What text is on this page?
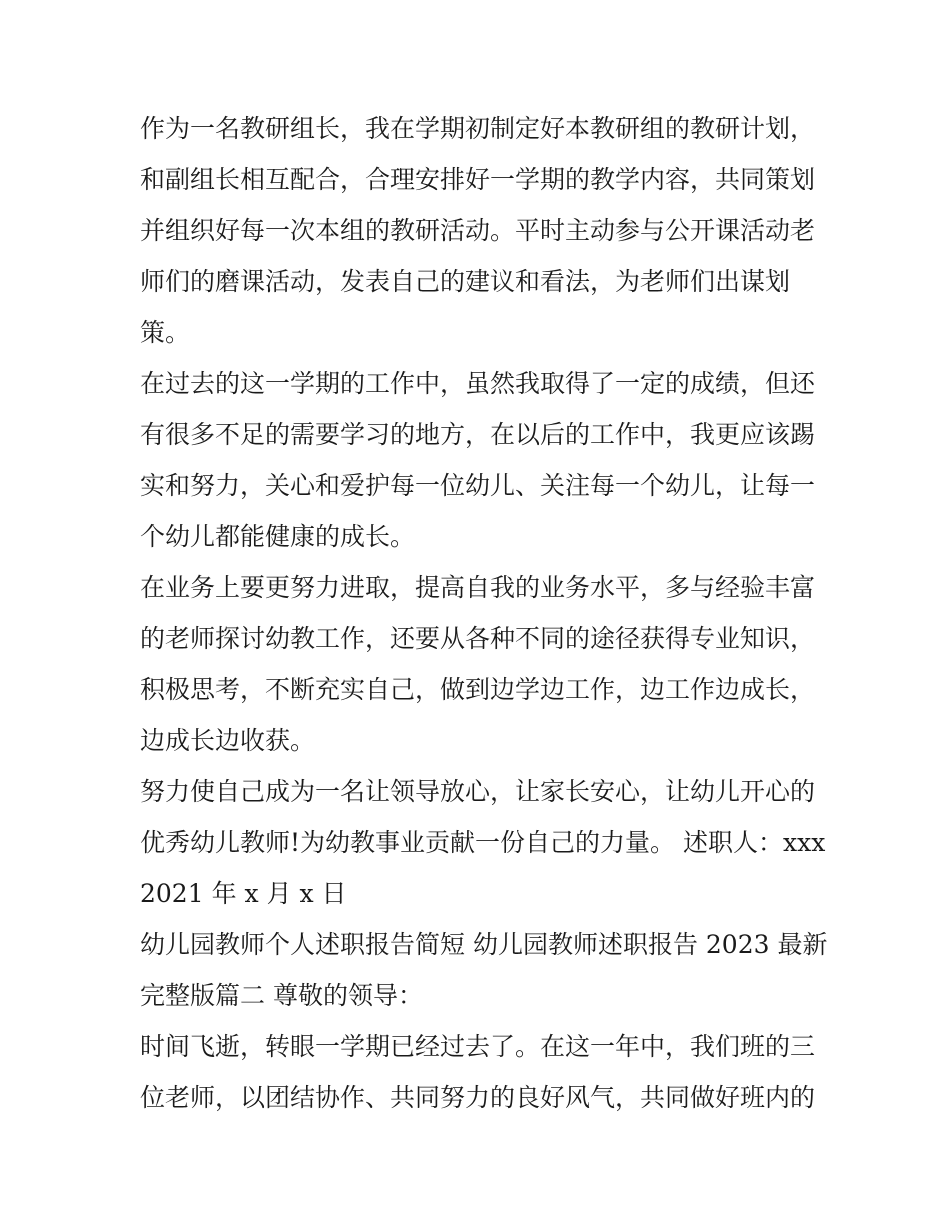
作为一名教研组长，我在学期初制定好本教研组的教研计划，
和副组长相互配合，合理安排好一学期的教学内容，共同策划
并组织好每一次本组的教研活动。平时主动参与公开课活动老
师们的磨课活动，发表自己的建议和看法，为老师们出谋划
策。
在过去的这一学期的工作中，虽然我取得了一定的成绩，但还
有很多不足的需要学习的地方，在以后的工作中，我更应该踢
实和努力，关心和爱护每一位幼儿、关注每一个幼儿，让每一
个幼儿都能健康的成长。
在业务上要更努力进取，提高自我的业务水平，多与经验丰富
的老师探讨幼教工作，还要从各种不同的途径获得专业知识，
积极思考，不断充实自己，做到边学边工作，边工作边成长，
边成长边收获。
努力使自己成为一名让领导放心，让家长安心，让幼儿开心的
优秀幼儿教师!为幼教事业贡献一份自己的力量。 述职人：xxx
2021 年 x 月 x 日
幼儿园教师个人述职报告简短 幼儿园教师述职报告 2023 最新
完整版篇二 尊敬的领导：
时间飞逝，转眼一学期已经过去了。在这一年中，我们班的三
位老师，以团结协作、共同努力的良好风气，共同做好班内的
